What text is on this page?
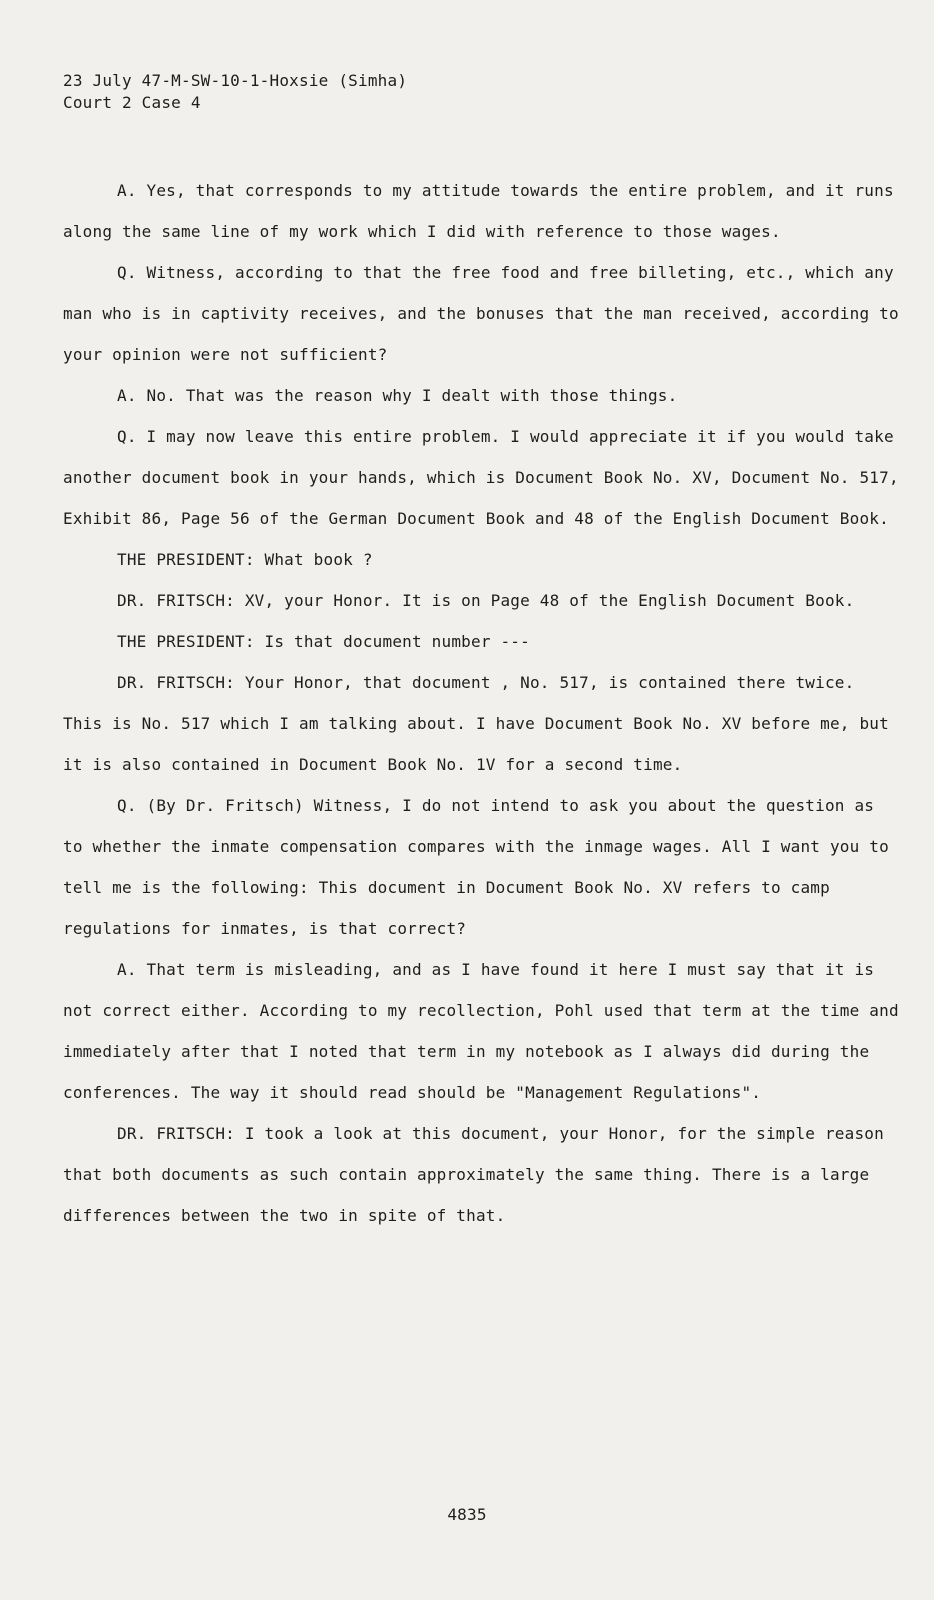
23 July 47-M-SW-10-1-Hoxsie (Simha)
Court 2 Case 4

A. Yes, that corresponds to my attitude towards the entire problem, and it runs along the same line of my work which I did with reference to those wages.

Q. Witness, according to that the free food and free billeting, etc., which any man who is in captivity receives, and the bonuses that the man received, according to your opinion were not sufficient?

A. No. That was the reason why I dealt with those things.

Q. I may now leave this entire problem. I would appreciate it if you would take another document book in your hands, which is Document Book No. XV, Document No. 517, Exhibit 86, Page 56 of the German Document Book and 48 of the English Document Book.

THE PRESIDENT: What book ?

DR. FRITSCH: XV, your Honor. It is on Page 48 of the English Document Book.

THE PRESIDENT: Is that document number ---

DR. FRITSCH: Your Honor, that document , No. 517, is contained there twice. This is No. 517 which I am talking about. I have Document Book No. XV before me, but it is also contained in Document Book No. 1V for a second time.

Q. (By Dr. Fritsch) Witness, I do not intend to ask you about the question as to whether the inmate compensation compares with the inmage wages. All I want you to tell me is the following: This document in Document Book No. XV refers to camp regulations for inmates, is that correct?

A. That term is misleading, and as I have found it here I must say that it is not correct either. According to my recollection, Pohl used that term at the time and immediately after that I noted that term in my notebook as I always did during the conferences. The way it should read should be "Management Regulations".

DR. FRITSCH: I took a look at this document, your Honor, for the simple reason that both documents as such contain approximately the same thing. There is a large differences between the two in spite of that.

4835
